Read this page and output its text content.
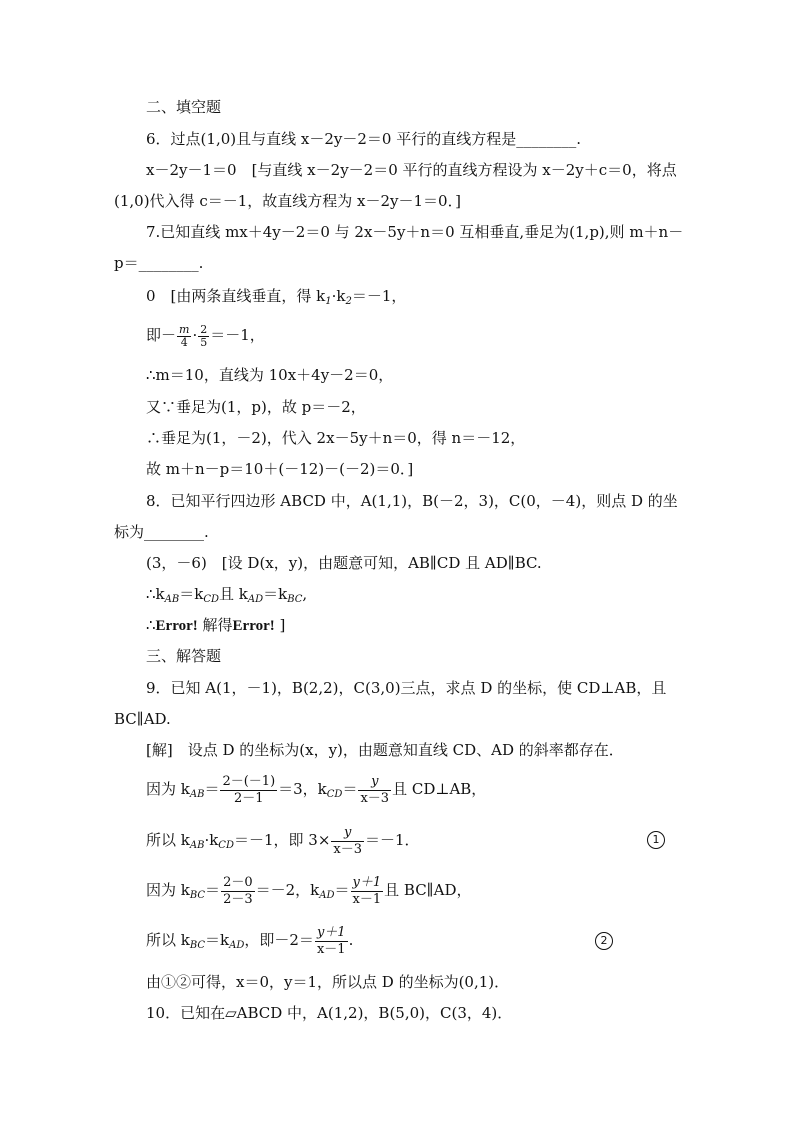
二、填空题
6．过点(1,0)且与直线 x－2y－2＝0 平行的直线方程是________.
x－2y－1＝0　[与直线 x－2y－2＝0 平行的直线方程设为 x－2y＋c＝0，将点
(1,0)代入得 c＝－1，故直线方程为 x－2y－1＝0．]
7.已知直线 mx＋4y－2＝0 与 2x－5y＋n＝0 互相垂直,垂足为(1,p),则 m＋n－
p＝________.
0　[由两条直线垂直，得 $k_1\cdot k_2=-1$，
即－ $\frac{m}{4} \cdot \frac{2}{5} =-1$，
∴m＝10，直线为 10x＋4y－2＝0，
又∵垂足为(1，p)，故 p＝－2，
∴垂足为(1，－2)，代入 2x－5y＋n＝0，得 n＝－12，
故 m＋n－p＝10＋(－12)－(－2)＝0．]
8．已知平行四边形 ABCD 中，A(1,1)，B(－2，3)，C(0，－4)，则点 D 的坐
标为________.
(3，－6)　[设 D(x，y)，由题意可知，AB∥CD 且 AD∥BC.
$\therefore k_{AB}=k_{CD}$且 $k_{AD}=k_{BC}$,
∴Error! 解得Error! ]
三、解答题
9．已知 A(1，－1)，B(2,2)，C(3,0)三点，求点 D 的坐标，使 CD⊥AB，且
BC∥AD.
[解]　设点 D 的坐标为(x，y)，由题意知直线 CD、AD 的斜率都存在．
因为 $k_{AB}= \frac{2-(-1)}{2-1} =3$，$k_{CD}= \frac{y}{x-3}$ 且 CD⊥AB，
所以 $k_{AB}\cdot k_{CD}=-1$，即 $3\times \frac{y}{x-3} =-1$．	1
因为 $k_{BC}= \frac{2-0}{2-3} =-2$，$k_{AD}= \frac{y+1}{x-1}$ 且 BC∥AD，
所以 $k_{BC}=k_{AD}$，即$-2= \frac{y+1}{x-1}$ .	2
由①②可得，x＝0，y＝1，所以点 D 的坐标为(0,1)．
10．已知在▱ABCD 中，A(1,2)，B(5,0)，C(3，4)．
